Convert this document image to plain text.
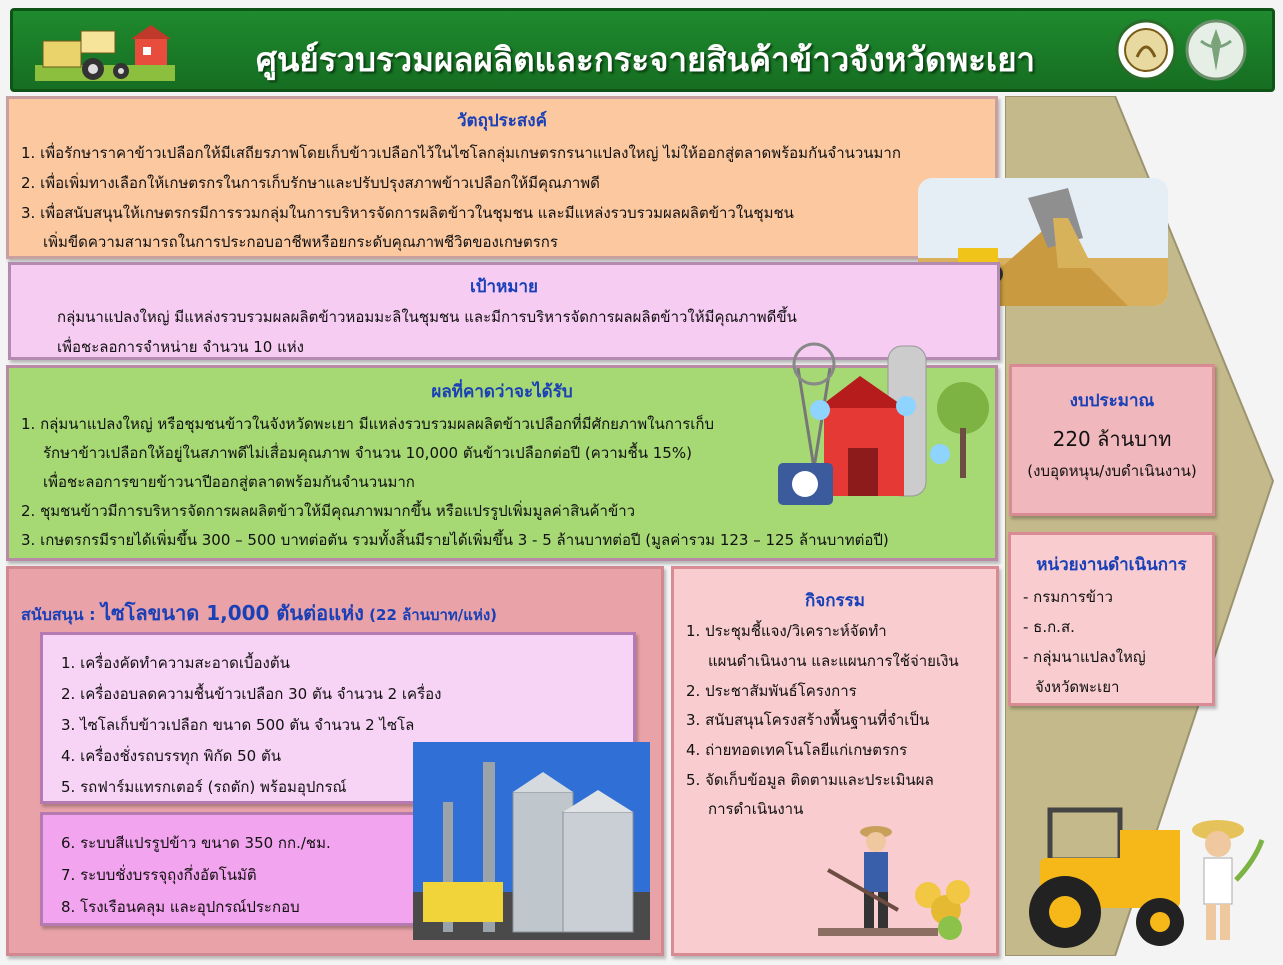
ศูนย์รวบรวมผลผลิตและกระจายสินค้าข้าวจังหวัดพะเยา
วัตถุประสงค์
1. เพื่อรักษาราคาข้าวเปลือกให้มีเสถียรภาพโดยเก็บข้าวเปลือกไว้ในไซโลกลุ่มเกษตรกรนาแปลงใหญ่ ไม่ให้ออกสู่ตลาดพร้อมกันจำนวนมาก
2. เพื่อเพิ่มทางเลือกให้เกษตรกรในการเก็บรักษาและปรับปรุงสภาพข้าวเปลือกให้มีคุณภาพดี
3. เพื่อสนับสนุนให้เกษตรกรมีการรวมกลุ่มในการบริหารจัดการผลิตข้าวในชุมชน และมีแหล่งรวบรวมผลผลิตข้าวในชุมชน
เพิ่มขีดความสามารถในการประกอบอาชีพหรือยกระดับคุณภาพชีวิตของเกษตรกร
เป้าหมาย
กลุ่มนาแปลงใหญ่ มีแหล่งรวบรวมผลผลิตข้าวหอมมะลิในชุมชน และมีการบริหารจัดการผลผลิตข้าวให้มีคุณภาพดีขึ้น
เพื่อชะลอการจำหน่าย จำนวน 10 แห่ง
ผลที่คาดว่าจะได้รับ
1. กลุ่มนาแปลงใหญ่ หรือชุมชนข้าวในจังหวัดพะเยา มีแหล่งรวบรวมผลผลิตข้าวเปลือกที่มีศักยภาพในการเก็บ
รักษาข้าวเปลือกให้อยู่ในสภาพดีไม่เสื่อมคุณภาพ จำนวน 10,000 ตันข้าวเปลือกต่อปี (ความชื้น 15%)
เพื่อชะลอการขายข้าวนาปีออกสู่ตลาดพร้อมกันจำนวนมาก
2. ชุมชนข้าวมีการบริหารจัดการผลผลิตข้าวให้มีคุณภาพมากขึ้น หรือแปรรูปเพิ่มมูลค่าสินค้าข้าว
3. เกษตรกรมีรายได้เพิ่มขึ้น 300 – 500 บาทต่อตัน รวมทั้งสิ้นมีรายได้เพิ่มขึ้น 3 - 5 ล้านบาทต่อปี (มูลค่ารวม 123 – 125 ล้านบาทต่อปี)
งบประมาณ
220 ล้านบาท
(งบอุดหนุน/งบดำเนินงาน)
หน่วยงานดำเนินการ
- กรมการข้าว
- ธ.ก.ส.
- กลุ่มนาแปลงใหญ่
จังหวัดพะเยา
สนับสนุน : ไซโลขนาด 1,000 ตันต่อแห่ง (22 ล้านบาท/แห่ง)
1. เครื่องคัดทำความสะอาดเบื้องต้น
2. เครื่องอบลดความชื้นข้าวเปลือก 30 ตัน จำนวน 2 เครื่อง
3. ไซโลเก็บข้าวเปลือก ขนาด 500 ตัน จำนวน 2 ไซโล
4. เครื่องชั่งรถบรรทุก พิกัด 50 ตัน
5. รถฟาร์มแทรกเตอร์ (รถตัก) พร้อมอุปกรณ์
6. ระบบสีแปรรูปข้าว ขนาด 350 กก./ชม.
7. ระบบชั่งบรรจุถุงกึ่งอัตโนมัติ
8. โรงเรือนคลุม และอุปกรณ์ประกอบ
กิจกรรม
1. ประชุมชี้แจง/วิเคราะห์จัดทำ
แผนดำเนินงาน และแผนการใช้จ่ายเงิน
2. ประชาสัมพันธ์โครงการ
3. สนับสนุนโครงสร้างพื้นฐานที่จำเป็น
4. ถ่ายทอดเทคโนโลยีแก่เกษตรกร
5. จัดเก็บข้อมูล ติดตามและประเมินผล
การดำเนินงาน
